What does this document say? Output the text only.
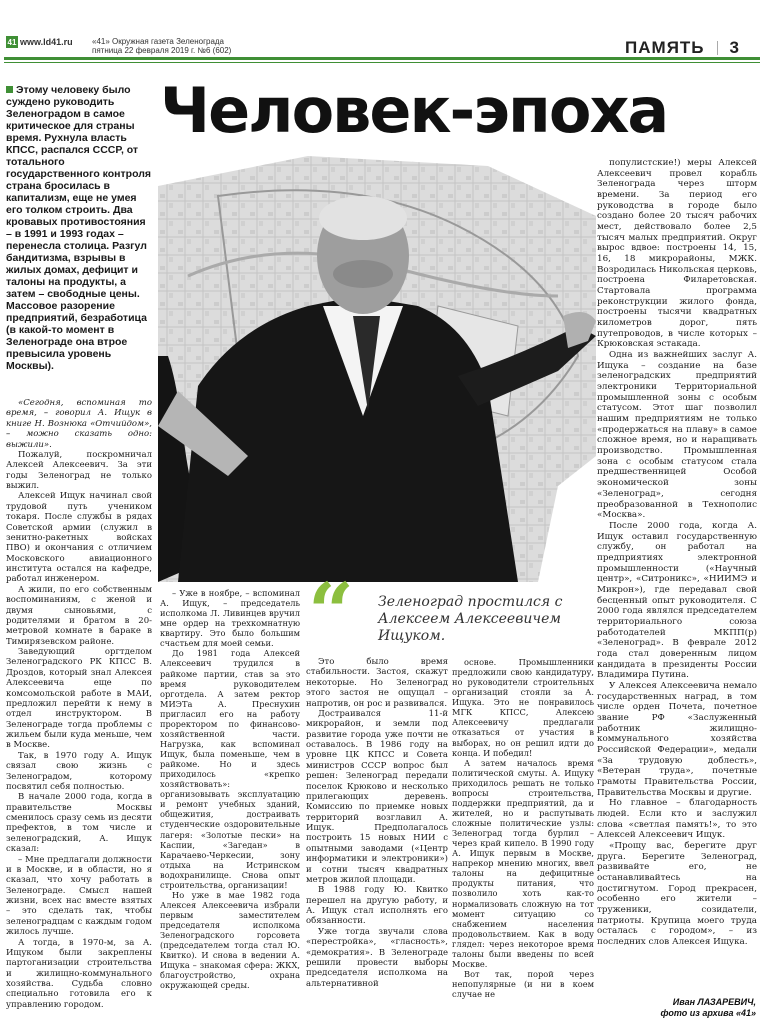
41 www.ld41.ru «41» Окружная газета Зеленограда
пятница 22 февраля 2019 г. №6 (602)	ПАМЯТЬ 3
Этому человеку было суждено руководить Зеленоградом в самое критическое для страны время. Рухнула власть КПСС, распался СССР, от тотального государственного контроля страна бросилась в капитализм, еще не умея его толком строить. Два кровавых противостояния – в 1991 и 1993 годах – перенесла столица. Разгул бандитизма, взрывы в жилых домах, дефицит и талоны на продукты, а затем – свободные цены. Массовое разорение предприятий, безработица (в какой-то момент в Зеленограде она втрое превысила уровень Москвы).
Человек-эпоха

«Сегодня, вспоминая то время, – говорил А. Ищук в книге Н. Вознюка «Отчийдом», – можно сказать одно: выжили».

Пожалуй, поскромничал Алексей Алексеевич. За эти годы Зеленоград не только выжил.

Алексей Ищук начинал свой трудовой путь учеником токаря. После службы в рядах Советской армии (служил в зенитно-ракетных войсках ПВО) и окончания с отличием Московского авиационного института остался на кафедре, работал инженером.

А жили, по его собственным воспоминаниям, с женой и двумя сыновьями, с родителями и братом в 20-метровой комнате в бараке в Тимирязевском районе.

Заведующий оргтделом Зеленоградского РК КПСС В. Дроздов, который знал Алексея Алексеевича еще по комсомольской работе в МАИ, предложил перейти к нему в отдел инструктором. В Зеленограде тогда проблемы с жильем были куда меньше, чем в Москве.

Так, в 1970 году А. Ищук связал свою жизнь с Зеленоградом, которому посвятил себя полностью.

В начале 2000 года, когда в правительстве Москвы сменилось сразу семь из десяти префектов, в том числе и зеленоградский, А. Ищук сказал:

– Мне предлагали должности и в Москве, и в области, но я сказал, что хочу работать в Зеленограде. Смысл нашей жизни, всех нас вместе взятых – это сделать так, чтобы зеленоградцам с каждым годом жилось лучше.

А тогда, в 1970-м, за А. Ищуком были закреплены партоганизации строительства и жилищно-коммунального хозяйства. Судьба словно специально готовила его к управлению городом.

– Уже в ноябре, – вспоминал А. Ищук, – председатель исполкома Л. Ливинцев вручил мне ордер на трехкомнатную квартиру. Это было большим счастьем для моей семьи.

До 1981 года Алексей Алексеевич трудился в райкоме партии, став за это время руководителем орготдела. А затем ректор МИЭТа А. Преснухин пригласил его на работу проректором по финансово-хозяйственной части. Нагрузка, как вспоминал Ищук, была поменьше, чем в райкоме. Но и здесь приходилось «крепко хозяйствовать»: организовывать эксплуатацию и ремонт учебных зданий, общежития, достраивать студенческие оздоровительные лагеря: «Золотые пески» на Каспии, «Загедан» в Карачаево-Черкесии, зону отдыха на Истринском водохранилище. Снова опыт строительства, организации!

Но уже в мае 1982 года Алексея Алексеевича избрали первым заместителем председателя исполкома Зеленоградского горсовета (председателем тогда стал Ю. Квитко). И снова в ведении А. Ищука – знакомая сфера: ЖКХ, благоустройство, охрана окружающей среды.

“ Зеленоград простился с Алексеем Алексеевичем Ищуком.

Это было время стабильности. Застоя, скажут некоторые. Но Зеленоград этого застоя не ощущал – напротив, он рос и развивался.

Достраивался 11-й микрорайон, и земли под развитие города уже почти не оставалось. В 1986 году на уровне ЦК КПСС и Совета министров СССР вопрос был решен: Зеленоград передали поселок Крюково и несколько прилегающих деревень. Комиссию по приемке новых территорий возглавил А. Ищук. Предполагалось построить 15 новых НИИ с опытными заводами («Центр информатики и электроники») и сотни тысяч квадратных метров жилой площади.

В 1988 году Ю. Квитко перешел на другую работу, и А. Ищук стал исполнять его обязанности.

Уже тогда звучали слова «перестройка», «гласность», «демократия». В Зеленограде решили провести выборы председателя исполкома на альтернативной

основе. Промышленники предложили свою кандидатуру, но руководители строительных организаций стояли за А. Ищука. Это не понравилось МГК КПСС, Алексею Алексеевичу предлагали отказаться от участия в выборах, но он решил идти до конца. И победил!

А затем началось время политической смуты. А. Ищуку приходилось решать не только вопросы строительства, поддержки предприятий, да и жителей, но и распутывать сложные политические узлы: Зеленоград тогда бурлил – через край кипело. В 1990 году А. Ищук первым в Москве, напрекор мнению многих, ввел талоны на дефицитные продукты питания, что позволило хоть как-то нормализовать сложную на тот момент ситуацию со снабжением населения продовольствием. Как в воду глядел: через некоторое время талоны были введены по всей Москве.

Вот так, порой через непопулярные (и ни в коем случае не

популистские!) меры Алексей Алексеевич провел корабль Зеленограда через шторм времени. За период его руководства в городе было создано более 20 тысяч рабочих мест, действовало более 2,5 тысяч малых предприятий. Округ вырос вдвое: построены 14, 15, 16, 18 микрорайоны, МЖК. Возродилась Никольская церковь, построена Филаретовская. Стартовала программа реконструкции жилого фонда, построены тысячи квадратных километров дорог, пять путепроводов, в числе которых – Крюковская эстакада.

Одна из важнейших заслуг А. Ищука – создание на базе зеленоградских предприятий электроники Территориальной промышленной зоны с особым статусом. Этот шаг позволил нашим предприятиям не только «продержаться на плаву» в самое сложное время, но и наращивать производство. Промышленная зона с особым статусом стала предшественницей Особой экономической зоны «Зеленоград», сегодня преобразованной в Технополис «Москва».

После 2000 года, когда А. Ищук оставил государственную службу, он работал на предприятиях электронной промышленности («Научный центр», «Ситроникс», «НИИМЭ и Микрон»), где передавал свой бесценный опыт руководителя. С 2000 года являлся председателем территориального союза работодателей МКПП(р) «Зеленоград». В феврале 2012 года стал доверенным лицом кандидата в президенты России Владимира Путина.

У Алексея Алексеевича немало государственных наград, в том числе орден Почета, почетное звание РФ «Заслуженный работник жилищно-коммунального хозяйства Российской Федерации», медали «За трудовую доблесть», «Ветеран труда», почетные грамоты Правительства России, Правительства Москвы и другие.

Но главное – благодарность людей. Если кто и заслужил слова «светлая память!», то это Алексей Алексеевич Ищук.

«Прощу вас, берегите друг друга. Берегите Зеленоград, развивайте его, не останавливайтесь на достигнутом. Город прекрасен, особенно его жители – труженики, созидатели, патриоты. Крупица моего труда осталась с городом», – из последних слов Алексея Ищука.

Иван ЛАЗАРЕВИЧ,
фото из архива «41»
